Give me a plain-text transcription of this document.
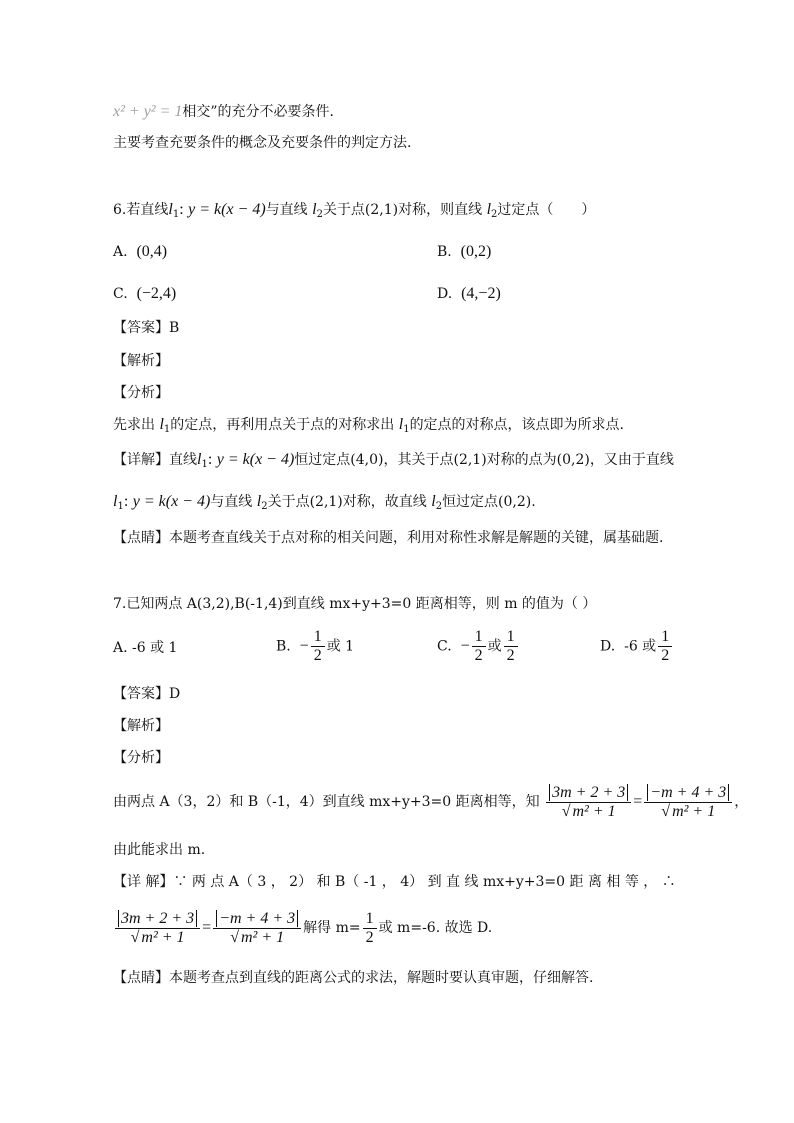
x² + y² = 1相交”的充分不必要条件．
主要考查充要条件的概念及充要条件的判定方法.
6.若直线$l_1$: y = k(x − 4)与直线 $l_2$关于点(2,1)对称，则直线 $l_2$过定点（　　）
A. (0,4)	B. (0,2)
C. (−2,4)	D. (4,−2)
【答案】B
【解析】
【分析】
先求出 $l_1$的定点，再利用点关于点的对称求出 $l_1$的定点的对称点，该点即为所求点.
【详解】直线$l_1$: y = k(x − 4)恒过定点(4,0)，其关于点(2,1)对称的点为(0,2)，又由于直线
$l_1$: y = k(x − 4)与直线 $l_2$关于点(2,1)对称，故直线 $l_2$恒过定点(0,2).
【点睛】本题考查直线关于点对称的相关问题，利用对称性求解是解题的关键，属基础题.
7.已知两点 A(3,2),B(-1,4)到直线 mx+y+3=0 距离相等，则 m 的值为（ ）
A. -6 或 1	B. − $\frac{1}{2}$ 或 1	C. − $\frac{1}{2}$ 或 $\frac{1}{2}$	D. -6 或 $\frac{1}{2}$
【答案】D
【解析】
【分析】
由两点 A（3，2）和 B（-1，4）到直线 mx+y+3=0 距离相等，知 $\frac{3m + 2 + 3}{\text{√ m² + 1}} = \frac{-m + 4 + 3}{\text{√ m² + 1}}$ ，
由此能求出 m.
【详 解】∵ 两 点 A（ 3 ， 2） 和 B（ -1 ， 4） 到 直 线 mx+y+3=0 距 离 相 等 ， ∴
$\frac{3m + 2 + 3}{\text{√ m² + 1}} = \frac{-m + 4 + 3}{\text{√ m² + 1}}$ 解得 $m= \frac{1}{2}$ 或 m=-6. 故选 D.
【点睛】本题考查点到直线的距离公式的求法，解题时要认真审题，仔细解答.
